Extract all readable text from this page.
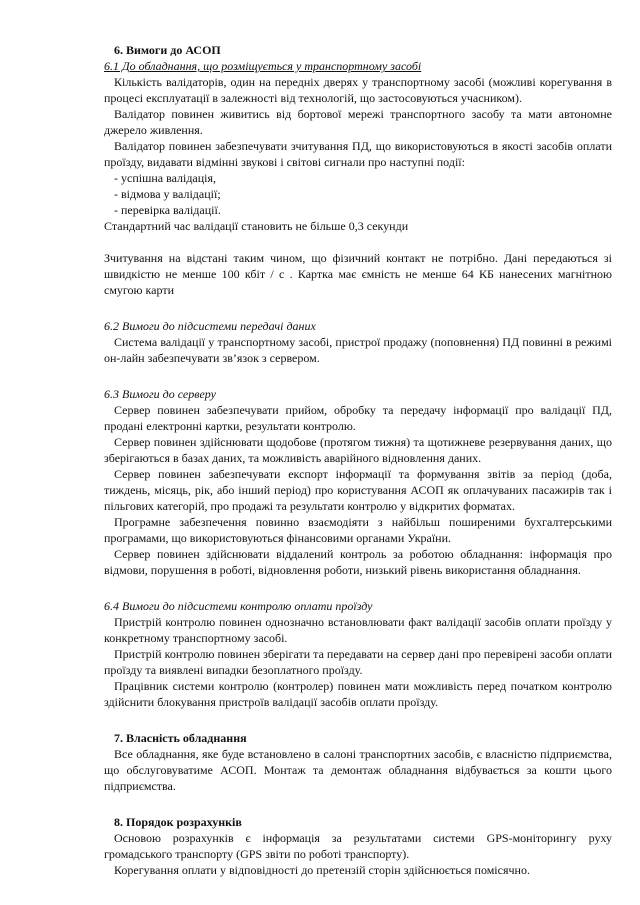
6. Вимоги до АСОП
6.1 До обладнання, що розміщується у транспортному засобі

Кількість валідаторів, один на передніх дверях у транспортному засобі (можливі корегування в процесі експлуатації в залежності від технологій, що застосовуються учасником).

Валідатор повинен живитись від бортової мережі транспортного засобу та мати автономне джерело живлення.

Валідатор повинен забезпечувати зчитування ПД, що використовуються в якості засобів оплати проїзду, видавати відмінні звукові і світові сигнали про наступні події:

- успішна валідація,
- відмова у валідації;
- перевірка валідації.

Стандартний час валідації становить не більше 0,3 секунди

Зчитування на відстані таким чином, що фізичний контакт не потрібно. Дані передаються зі швидкістю не менше 100 кбіт / с . Картка має ємність не менше 64 КБ нанесених магнітною смугою карти

6.2 Вимоги до підсистеми передачі даних

Система валідації у транспортному засобі, пристрої продажу (поповнення) ПД повинні в режимі он-лайн забезпечувати зв’язок з сервером.

6.3 Вимоги до серверу

Сервер повинен забезпечувати прийом, обробку та передачу інформації про валідації ПД, продані електронні картки, результати контролю.

Сервер повинен здійснювати щодобове (протягом тижня) та щотижневе резервування даних, що зберігаються в базах даних, та можливість аварійного відновлення даних.

Сервер повинен забезпечувати експорт інформації та формування звітів за період (доба, тиждень, місяць, рік, або інший період) про користування АСОП як оплачуваних пасажирів так і пільгових категорій, про продажі та результати контролю у відкритих форматах.

Програмне забезпечення повинно взаємодіяти з найбільш поширеними бухгалтерськими програмами, що використовуються фінансовими органами України.

Сервер повинен здійснювати віддалений контроль за роботою обладнання: інформація про відмови, порушення в роботі, відновлення роботи, низький рівень використання обладнання.

6.4 Вимоги до підсистеми контролю оплати проїзду

Пристрій контролю повинен однозначно встановлювати факт валідації засобів оплати проїзду у конкретному транспортному засобі.

Пристрій контролю повинен зберігати та передавати на сервер дані про перевірені засоби оплати проїзду та виявлені випадки безоплатного проїзду.

Працівник системи контролю (контролер) повинен мати можливість перед початком контролю здійснити блокування пристроїв валідації засобів оплати проїзду.

7. Власність обладнання

Все обладнання, яке буде встановлено в салоні транспортних засобів, є власністю підприємства, що обслуговуватиме АСОП. Монтаж та демонтаж обладнання відбувається за кошти цього підприємства.

8. Порядок розрахунків

Основою розрахунків є інформація за результатами системи GPS-моніторингу руху громадського транспорту (GPS звіти по роботі транспорту).

Корегування оплати у відповідності до претензій сторін здійснюється помісячно.
